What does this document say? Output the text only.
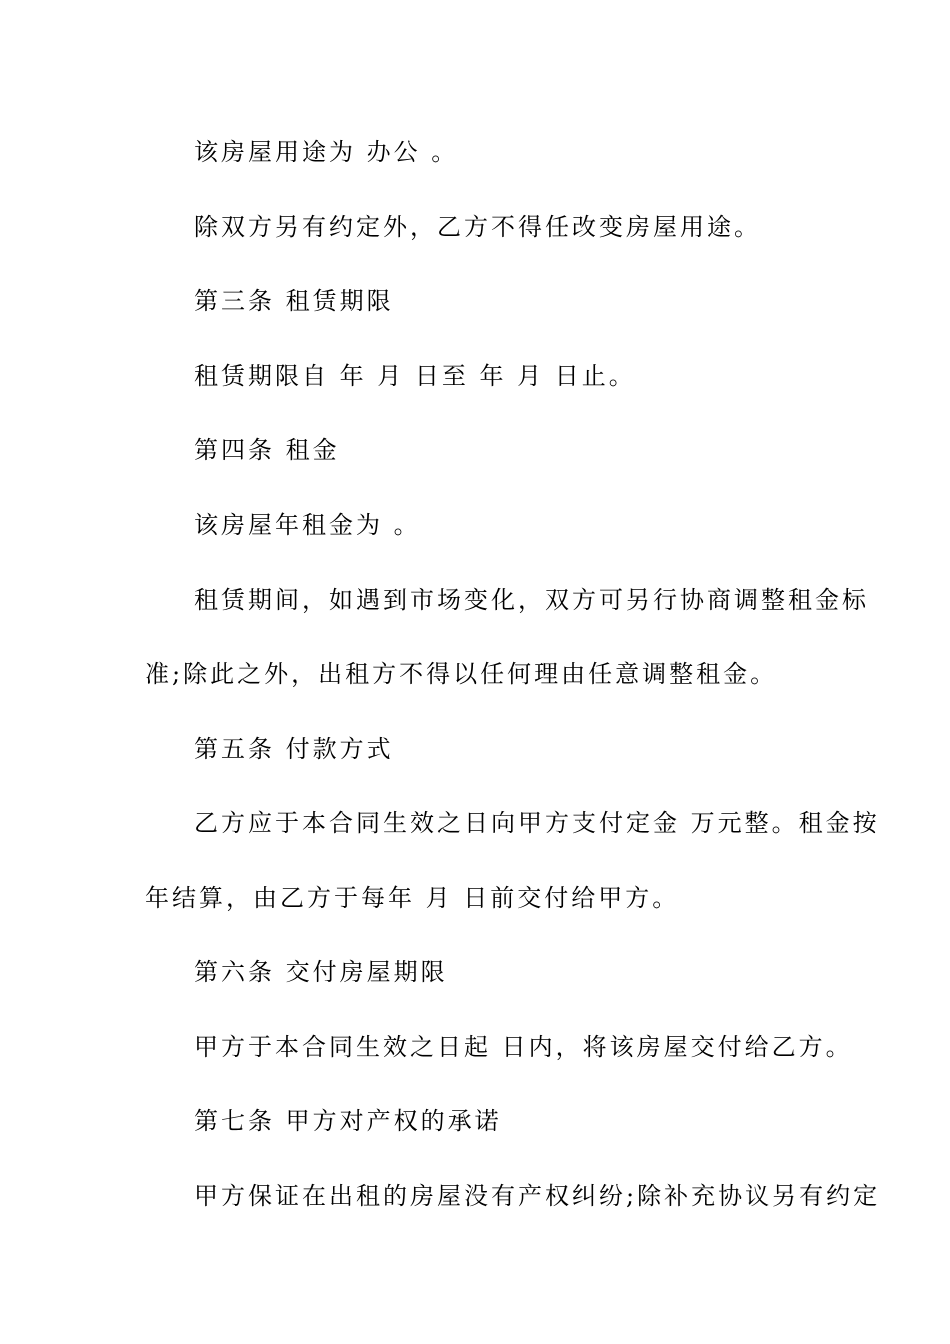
该房屋用途为 办公 。
除双方另有约定外，乙方不得任改变房屋用途。
第三条 租赁期限
租赁期限自 年 月 日至 年 月 日止。
第四条 租金
该房屋年租金为 。
租赁期间，如遇到市场变化，双方可另行协商调整租金标
准;除此之外，出租方不得以任何理由任意调整租金。
第五条 付款方式
乙方应于本合同生效之日向甲方支付定金 万元整。租金按
年结算，由乙方于每年 月 日前交付给甲方。
第六条 交付房屋期限
甲方于本合同生效之日起 日内，将该房屋交付给乙方。
第七条 甲方对产权的承诺
甲方保证在出租的房屋没有产权纠纷;除补充协议另有约定
